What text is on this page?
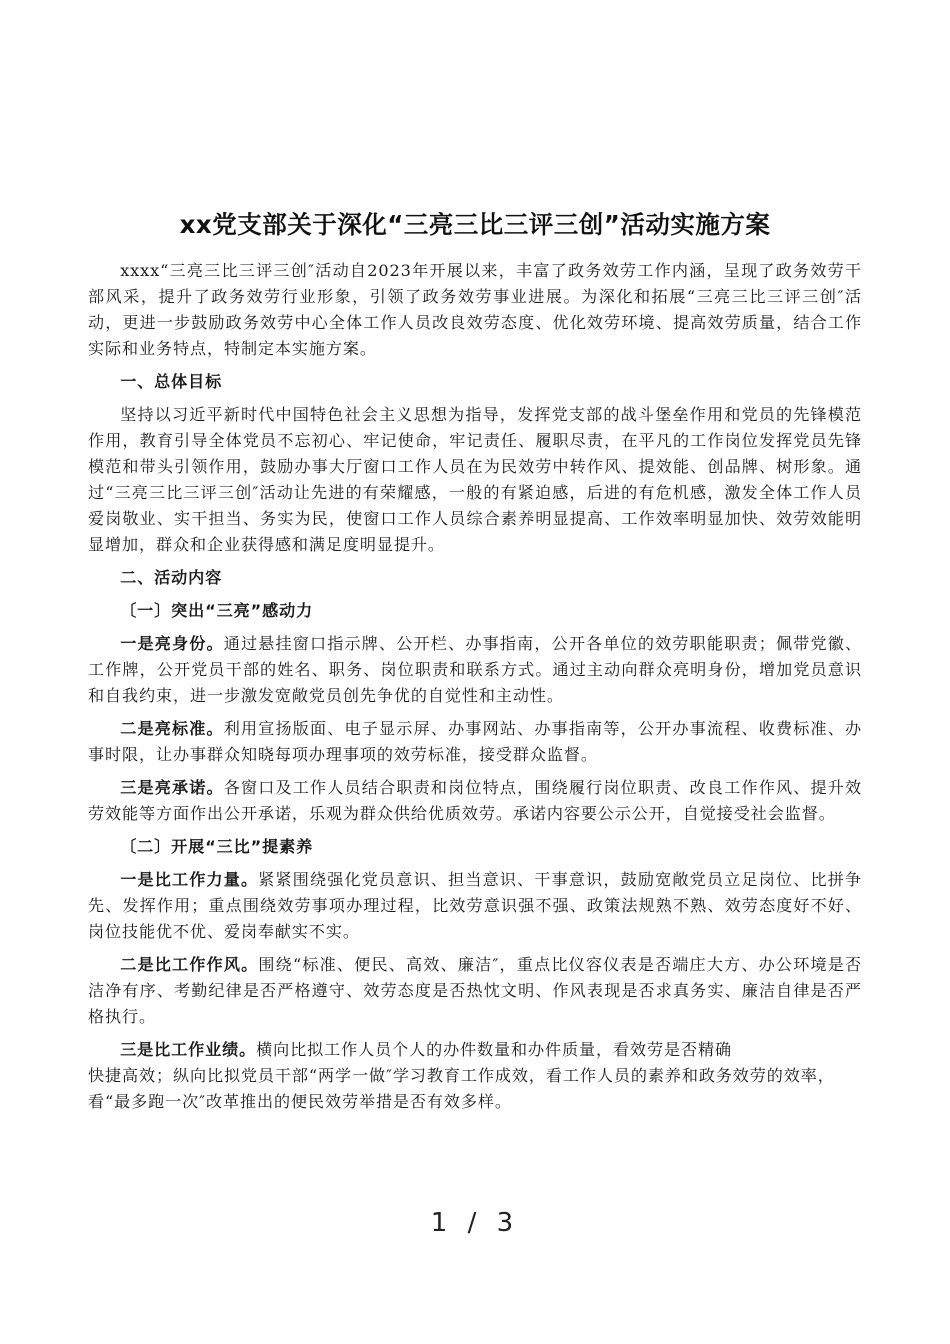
xx党支部关于深化“三亮三比三评三创”活动实施方案

xxxx“三亮三比三评三创″活动自2023年开展以来，丰富了政务效劳工作内涵，呈现了政务效劳干部风采，提升了政务效劳行业形象，引领了政务效劳事业进展。为深化和拓展“三亮三比三评三创″活动，更进一步鼓励政务效劳中心全体工作人员改良效劳态度、优化效劳环境、提高效劳质量，结合工作实际和业务特点，特制定本实施方案。

一、总体目标

坚持以习近平新时代中国特色社会主义思想为指导，发挥党支部的战斗堡垒作用和党员的先锋模范作用，教育引导全体党员不忘初心、牢记使命，牢记责任、履职尽责，在平凡的工作岗位发挥党员先锋模范和带头引领作用，鼓励办事大厅窗口工作人员在为民效劳中转作风、提效能、创品牌、树形象。通过“三亮三比三评三创″活动让先进的有荣耀感，一般的有紧迫感，后进的有危机感，激发全体工作人员爱岗敬业、实干担当、务实为民，使窗口工作人员综合素养明显提高、工作效率明显加快、效劳效能明显增加，群众和企业获得感和满足度明显提升。

二、活动内容

〔一〕突出“三亮”感动力

一是亮身份。通过悬挂窗口指示牌、公开栏、办事指南，公开各单位的效劳职能职责；佩带党徽、工作牌，公开党员干部的姓名、职务、岗位职责和联系方式。通过主动向群众亮明身份，增加党员意识和自我约束，进一步激发宽敞党员创先争优的自觉性和主动性。

二是亮标准。利用宣扬版面、电子显示屏、办事网站、办事指南等，公开办事流程、收费标准、办事时限，让办事群众知晓每项办理事项的效劳标准，接受群众监督。

三是亮承诺。各窗口及工作人员结合职责和岗位特点，围绕履行岗位职责、改良工作作风、提升效劳效能等方面作出公开承诺，乐观为群众供给优质效劳。承诺内容要公示公开，自觉接受社会监督。

〔二〕开展“三比”提素养

一是比工作力量。紧紧围绕强化党员意识、担当意识、干事意识，鼓励宽敞党员立足岗位、比拼争先、发挥作用；重点围绕效劳事项办理过程，比效劳意识强不强、政策法规熟不熟、效劳态度好不好、岗位技能优不优、爱岗奉献实不实。

二是比工作作风。围绕“标准、便民、高效、廉洁″，重点比仪容仪表是否端庄大方、办公环境是否洁净有序、考勤纪律是否严格遵守、效劳态度是否热忱文明、作风表现是否求真务实、廉洁自律是否严格执行。

三是比工作业绩。横向比拟工作人员个人的办件数量和办件质量，看效劳是否精确
快捷高效；纵向比拟党员干部“两学一做″学习教育工作成效，看工作人员的素养和政务效劳的效率，看“最多跑一次″改革推出的便民效劳举措是否有效多样。

1 / 3
